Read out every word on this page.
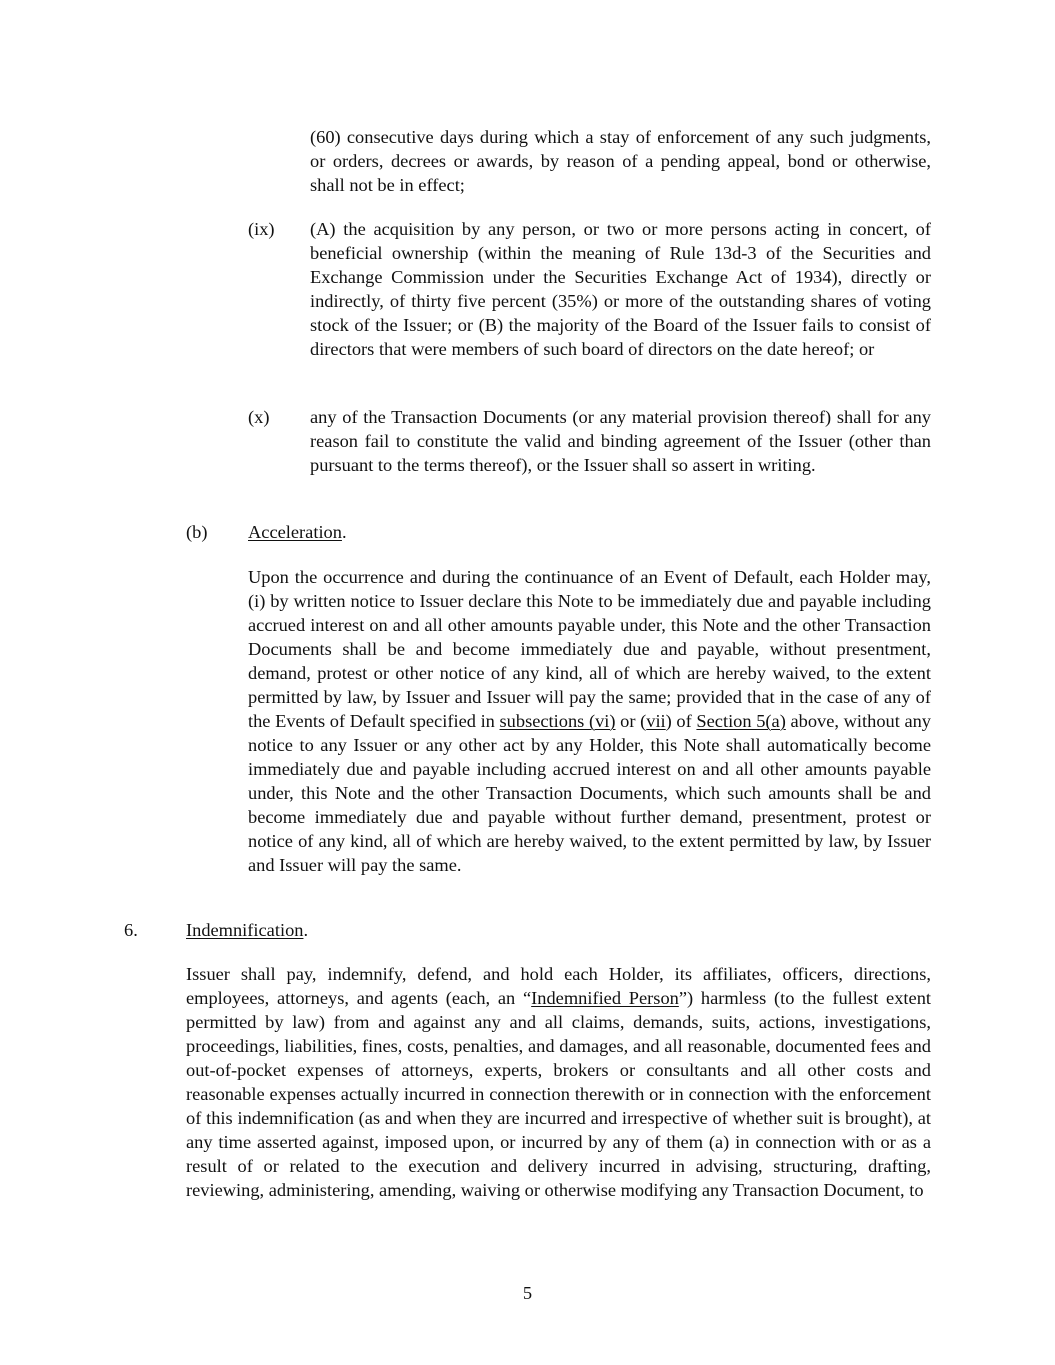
(60) consecutive days during which a stay of enforcement of any such judgments, or orders, decrees or awards, by reason of a pending appeal, bond or otherwise, shall not be in effect;

(ix) (A) the acquisition by any person, or two or more persons acting in concert, of beneficial ownership (within the meaning of Rule 13d-3 of the Securities and Exchange Commission under the Securities Exchange Act of 1934), directly or indirectly, of thirty five percent (35%) or more of the outstanding shares of voting stock of the Issuer; or (B) the majority of the Board of the Issuer fails to consist of directors that were members of such board of directors on the date hereof; or

(x) any of the Transaction Documents (or any material provision thereof) shall for any reason fail to constitute the valid and binding agreement of the Issuer (other than pursuant to the terms thereof), or the Issuer shall so assert in writing.

(b) Acceleration.

Upon the occurrence and during the continuance of an Event of Default, each Holder may, (i) by written notice to Issuer declare this Note to be immediately due and payable including accrued interest on and all other amounts payable under, this Note and the other Transaction Documents shall be and become immediately due and payable, without presentment, demand, protest or other notice of any kind, all of which are hereby waived, to the extent permitted by law, by Issuer and Issuer will pay the same; provided that in the case of any of the Events of Default specified in subsections (vi) or (vii) of Section 5(a) above, without any notice to any Issuer or any other act by any Holder, this Note shall automatically become immediately due and payable including accrued interest on and all other amounts payable under, this Note and the other Transaction Documents, which such amounts shall be and become immediately due and payable without further demand, presentment, protest or notice of any kind, all of which are hereby waived, to the extent permitted by law, by Issuer and Issuer will pay the same.

6.	Indemnification.

Issuer shall pay, indemnify, defend, and hold each Holder, its affiliates, officers, directions, employees, attorneys, and agents (each, an “Indemnified Person”) harmless (to the fullest extent permitted by law) from and against any and all claims, demands, suits, actions, investigations, proceedings, liabilities, fines, costs, penalties, and damages, and all reasonable, documented fees and out-of-pocket expenses of attorneys, experts, brokers or consultants and all other costs and reasonable expenses actually incurred in connection therewith or in connection with the enforcement of this indemnification (as and when they are incurred and irrespective of whether suit is brought), at any time asserted against, imposed upon, or incurred by any of them (a) in connection with or as a result of or related to the execution and delivery incurred in advising, structuring, drafting, reviewing, administering, amending, waiving or otherwise modifying any Transaction Document, to

5
